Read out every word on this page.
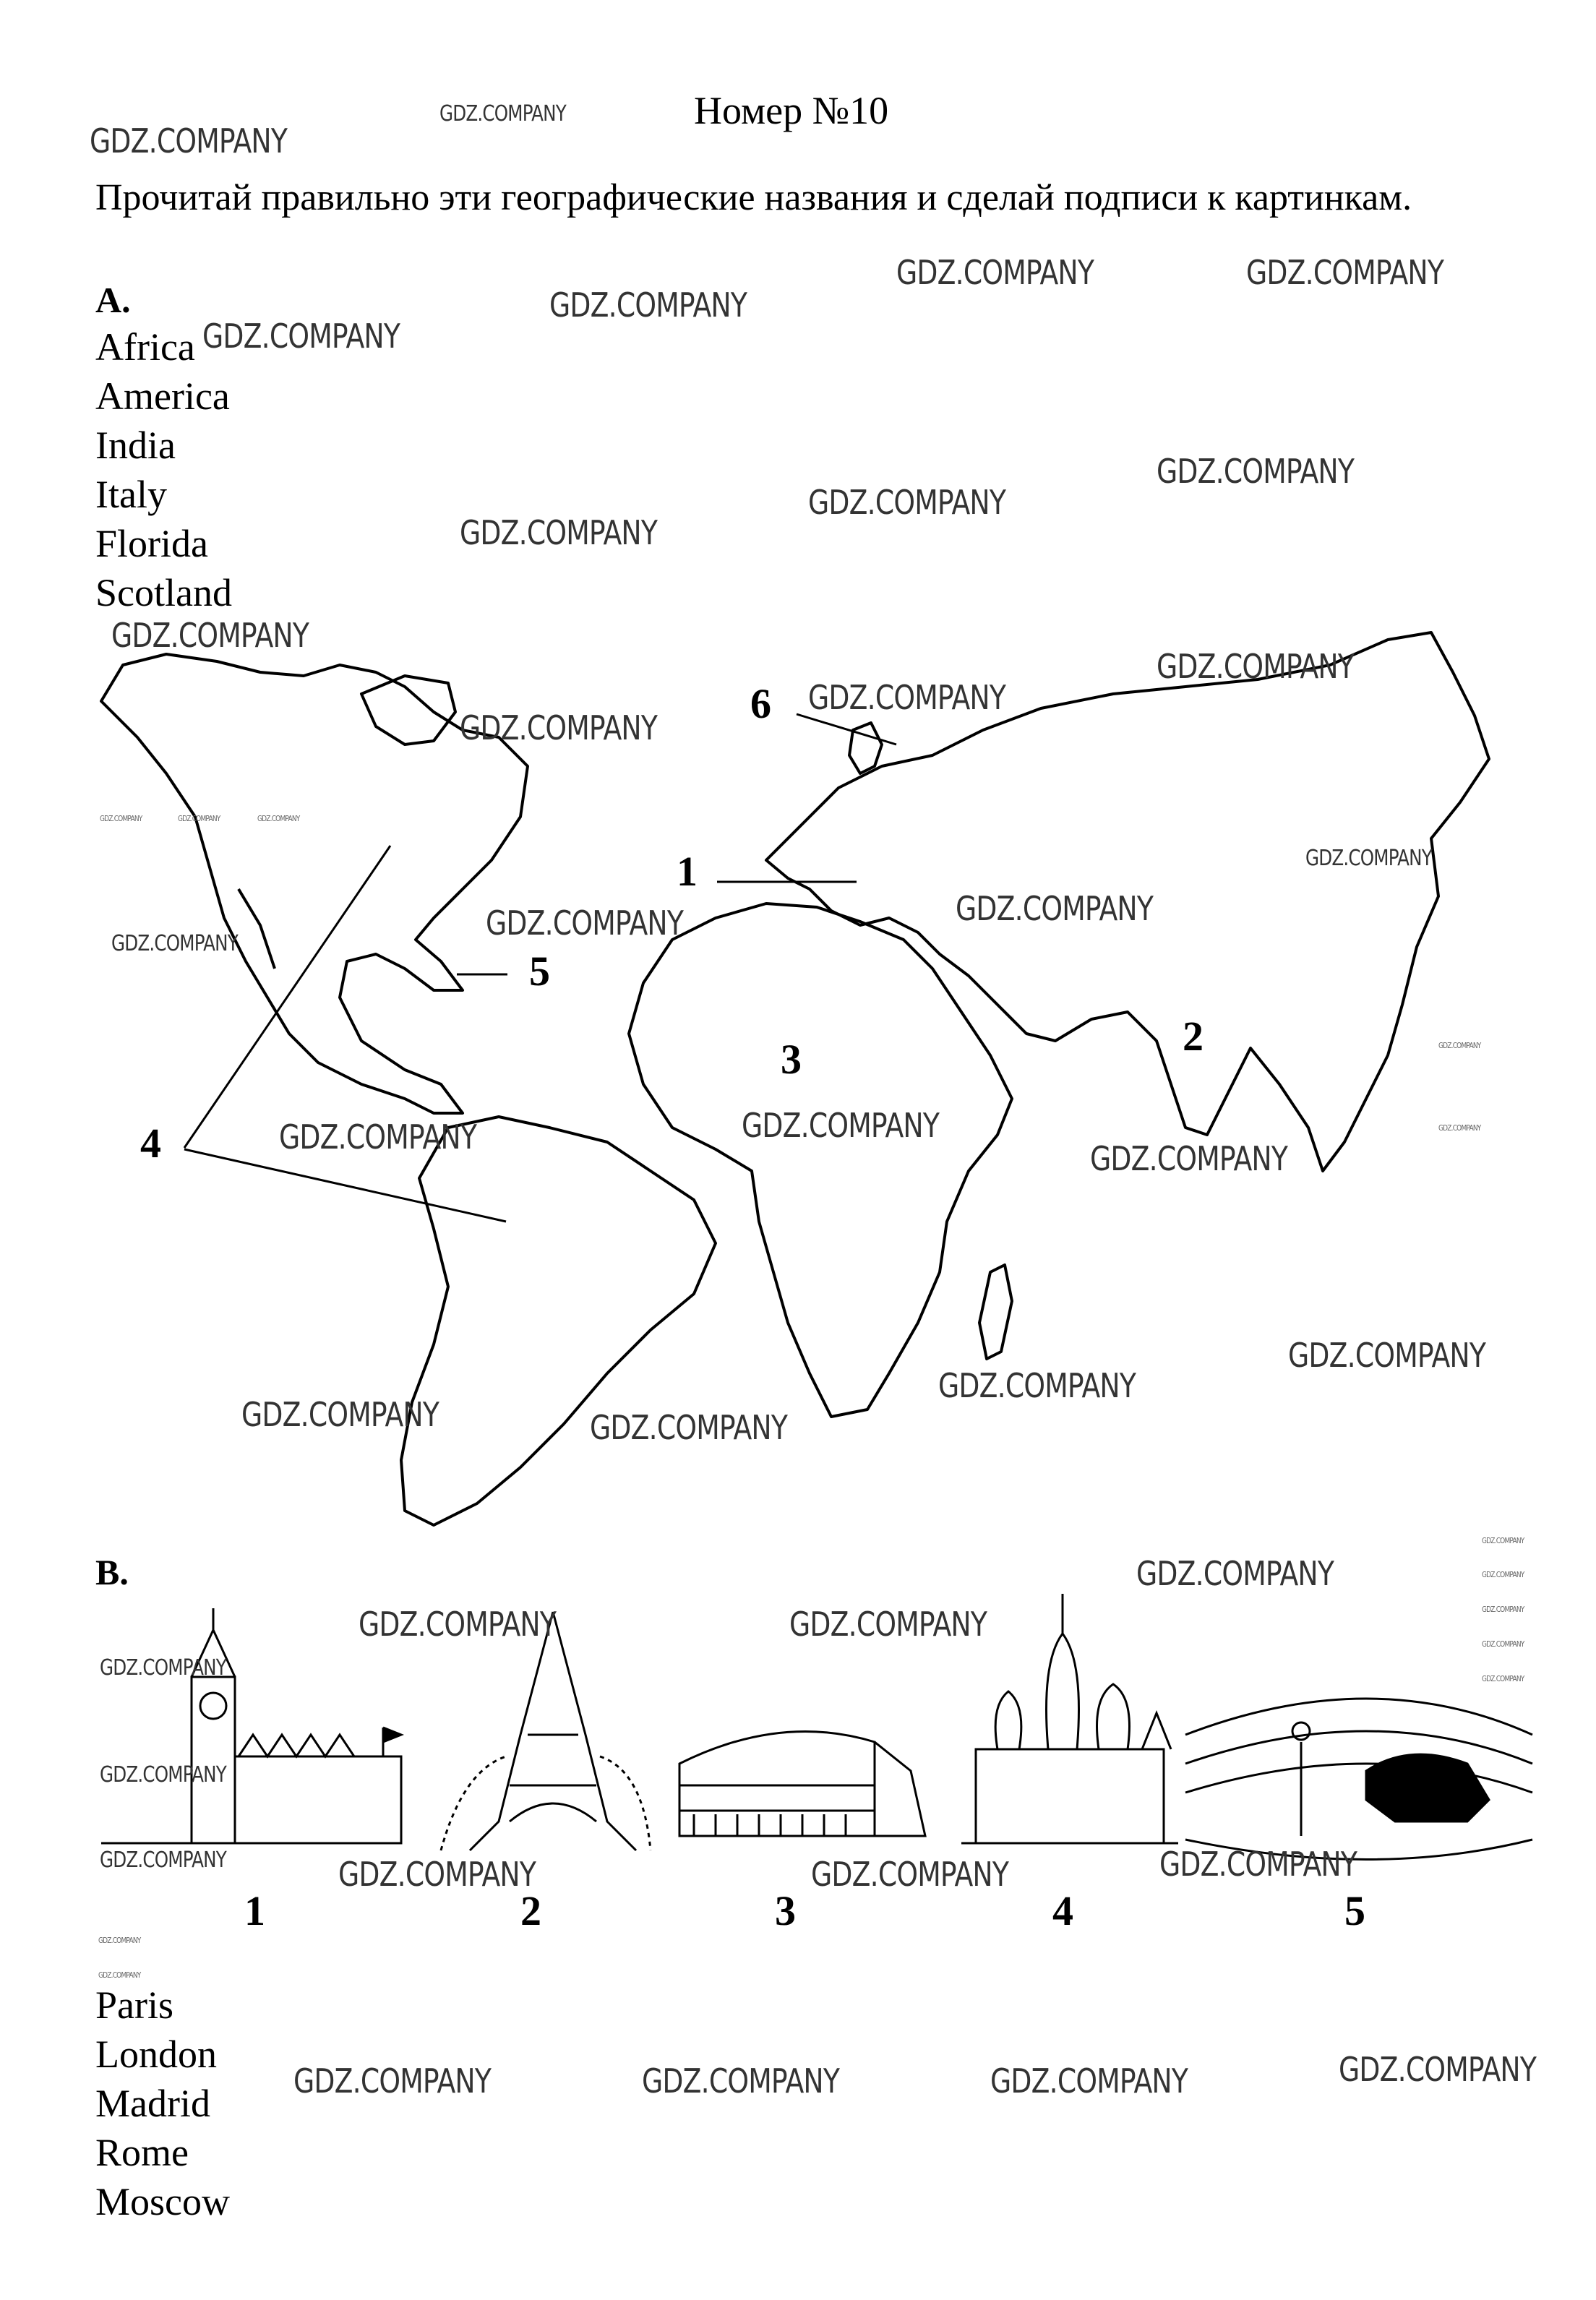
Номер №10
Прочитай правильно эти географические названия и сделай подписи к картинкам.
A.
Africa
America
India
Italy
Florida
Scotland
1
2
3
4
5
6
B.
1	2	3	4	5
Paris
London
Madrid
Rome
Moscow
GDZ.COMPANY
GDZ.COMPANY
GDZ.COMPANY	GDZ.COMPANY
GDZ.COMPANY
GDZ.COMPANY
GDZ.COMPANY
GDZ.COMPANY
GDZ.COMPANY
GDZ.COMPANY
GDZ.COMPANY
GDZ.COMPANY
GDZ.COMPANY
GDZ.COMPANY	GDZ.COMPANY	GDZ.COMPANY
GDZ.COMPANY
GDZ.COMPANY
GDZ.COMPANY
GDZ.COMPANY
GDZ.COMPANY
GDZ.COMPANY
GDZ.COMPANY
GDZ.COMPANY
GDZ.COMPANY
GDZ.COMPANY
GDZ.COMPANY
GDZ.COMPANY	GDZ.COMPANY
GDZ.COMPANY
GDZ.COMPANY
GDZ.COMPANY
GDZ.COMPANY
GDZ.COMPANY
GDZ.COMPANY
GDZ.COMPANY	GDZ.COMPANY
GDZ.COMPANY
GDZ.COMPANY
GDZ.COMPANY	GDZ.COMPANY	GDZ.COMPANY	GDZ.COMPANY
GDZ.COMPANY
GDZ.COMPANY
GDZ.COMPANY	GDZ.COMPANY	GDZ.COMPANY	GDZ.COMPANY
